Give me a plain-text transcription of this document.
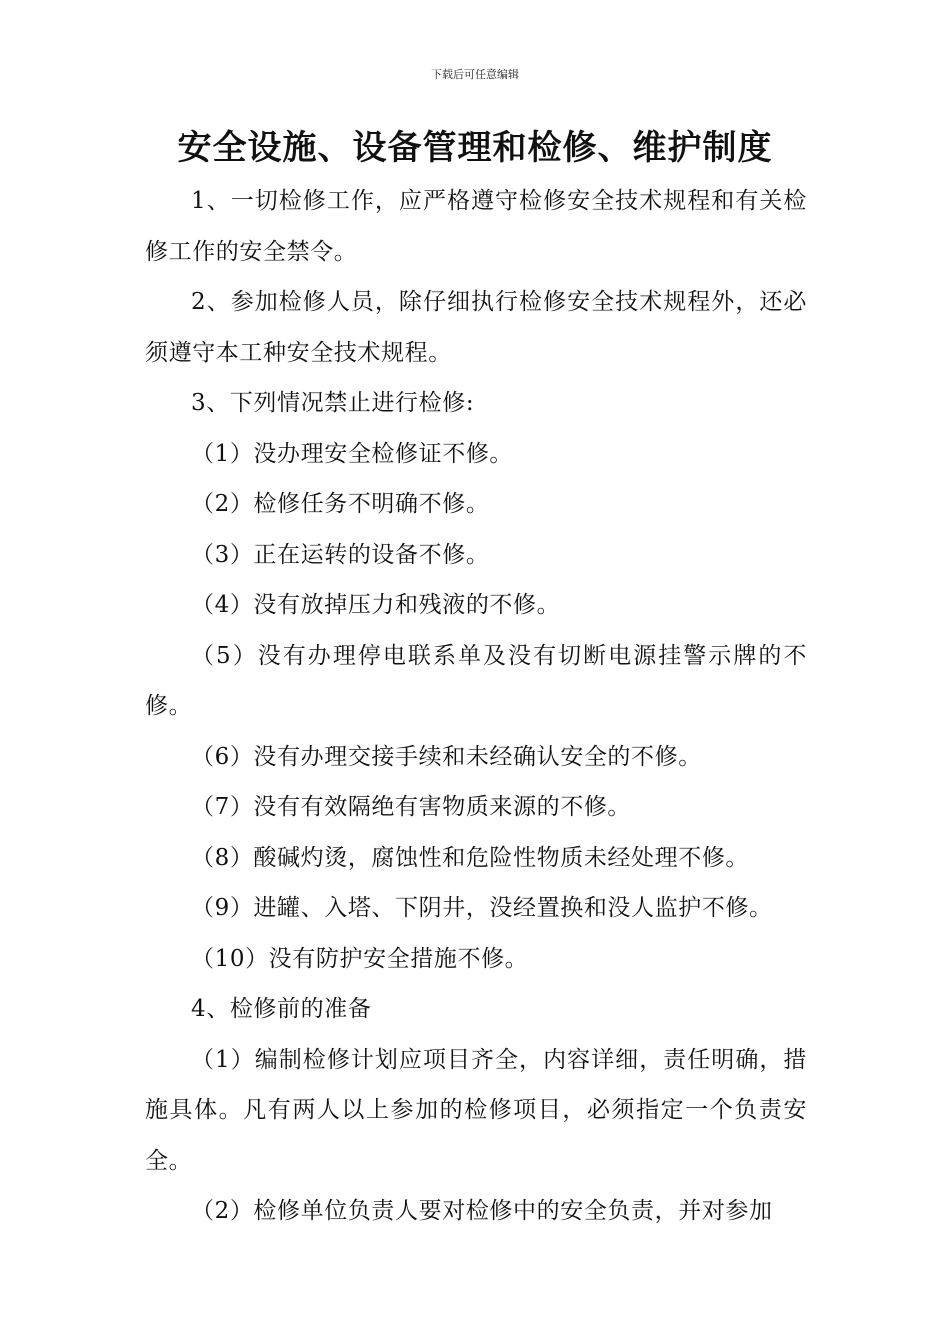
下载后可任意编辑
安全设施、设备管理和检修、维护制度

1、一切检修工作，应严格遵守检修安全技术规程和有关检修工作的安全禁令。

2、参加检修人员，除仔细执行检修安全技术规程外，还必须遵守本工种安全技术规程。

3、下列情况禁止进行检修:

（1）没办理安全检修证不修。

（2）检修任务不明确不修。

（3）正在运转的设备不修。

（4）没有放掉压力和残液的不修。

（5）没有办理停电联系单及没有切断电源挂警示牌的不修。

（6）没有办理交接手续和未经确认安全的不修。

（7）没有有效隔绝有害物质来源的不修。

（8）酸碱灼烫，腐蚀性和危险性物质未经处理不修。

（9）进罐、入塔、下阴井，没经置换和没人监护不修。

（10）没有防护安全措施不修。

4、检修前的准备

（1）编制检修计划应项目齐全，内容详细，责任明确，措施具体。凡有两人以上参加的检修项目，必须指定一个负责安全。

（2）检修单位负责人要对检修中的安全负责，并对参加
